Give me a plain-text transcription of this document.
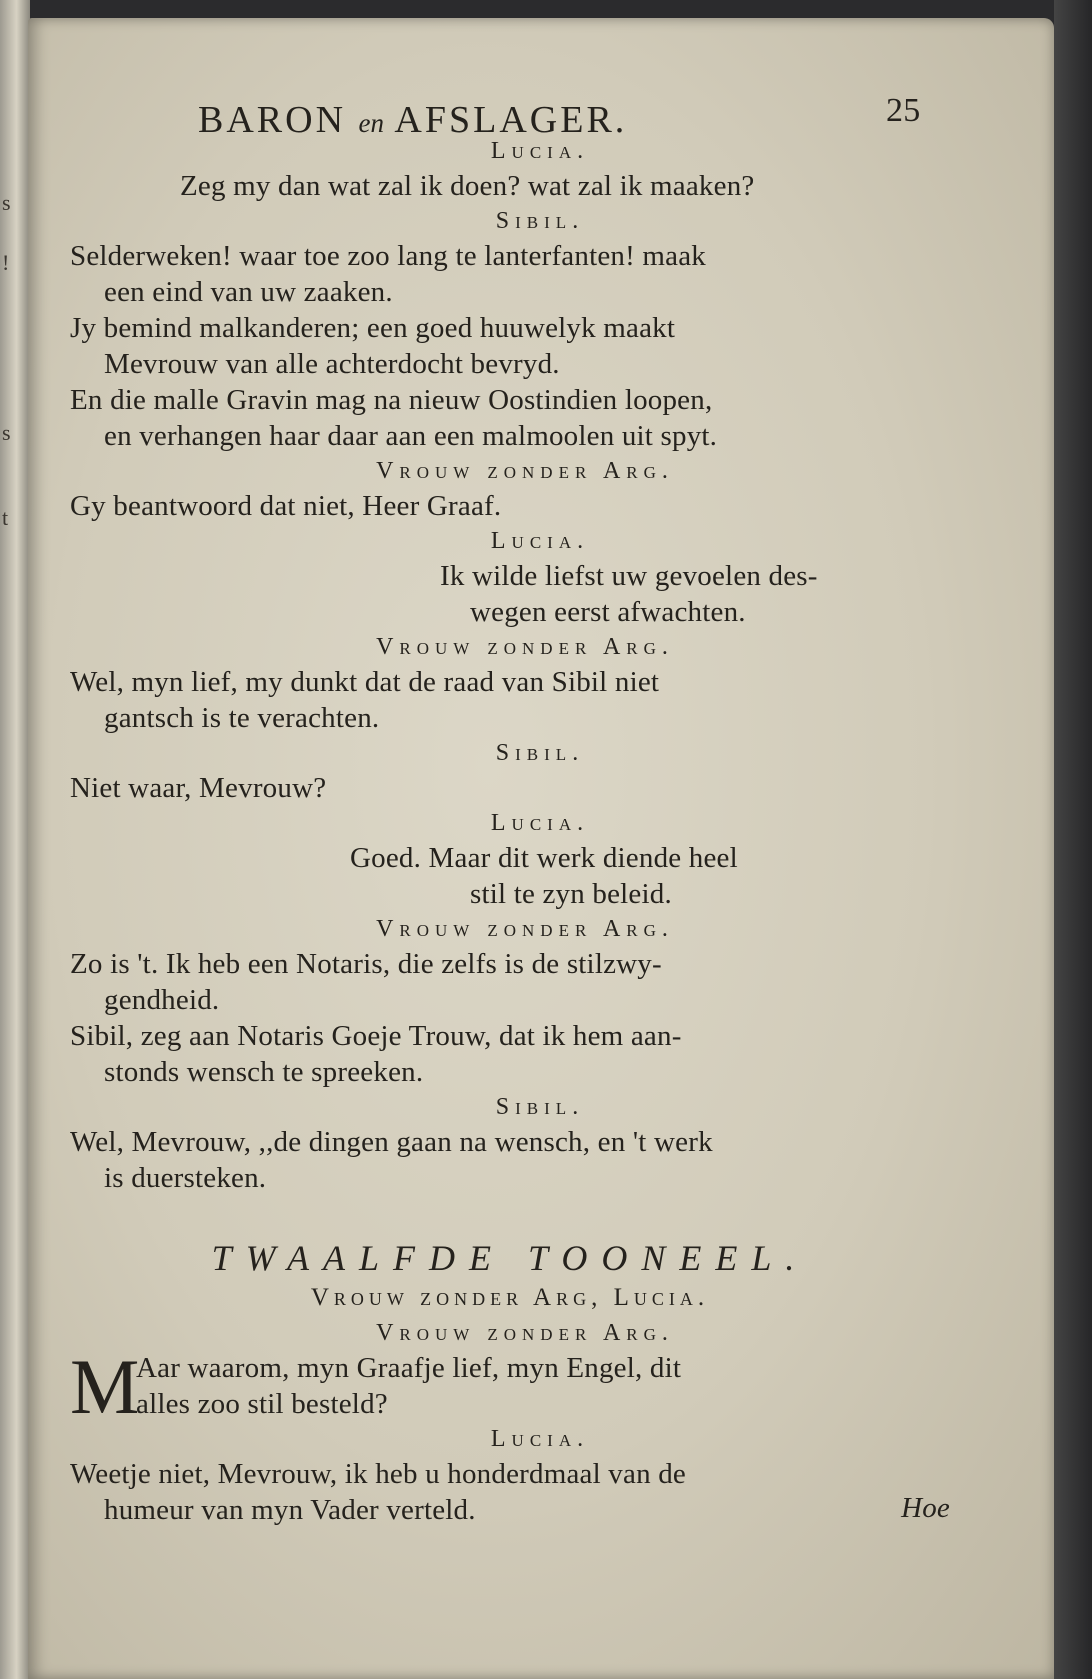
s
!
s
t
BARON en AFSLAGER.	25
Lucia.
Zeg my dan wat zal ik doen? wat zal ik maaken?
Sibil.
Selderweken! waar toe zoo lang te lanterfanten! maak
een eind van uw zaaken.
Jy bemind malkanderen; een goed huuwelyk maakt
Mevrouw van alle achterdocht bevryd.
En die malle Gravin mag na nieuw Oostindien loopen,
en verhangen haar daar aan een malmoolen uit spyt.
Vrouw zonder Arg.
Gy beantwoord dat niet, Heer Graaf.
Lucia.
Ik wilde liefst uw gevoelen des-
wegen eerst afwachten.
Vrouw zonder Arg.
Wel, myn lief, my dunkt dat de raad van Sibil niet
gantsch is te verachten.
Sibil.
Niet waar, Mevrouw?
Lucia.
Goed. Maar dit werk diende heel
stil te zyn beleid.
Vrouw zonder Arg.
Zo is 't. Ik heb een Notaris, die zelfs is de stilzwy-
gendheid.
Sibil, zeg aan Notaris Goeje Trouw, dat ik hem aan-
stonds wensch te spreeken.
Sibil.
Wel, Mevrouw, ,,de dingen gaan na wensch, en 't werk
is duersteken.
TWAALFDE TOONEEL.
Vrouw zonder Arg, Lucia.
Vrouw zonder Arg.
M
Aar waarom, myn Graafje lief, myn Engel, dit
alles zoo stil besteld?
Lucia.
Weetje niet, Mevrouw, ik heb u honderdmaal van de
humeur van myn Vader verteld.	Hoe
